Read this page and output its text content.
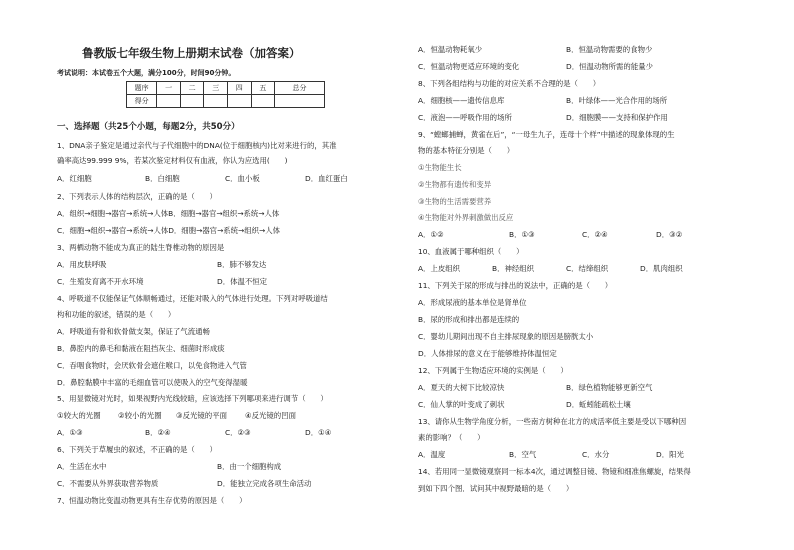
鲁教版七年级生物上册期末试卷（加答案）
考试说明：本试卷五个大题，满分100分，时间90分钟。
题序	一	二	三	四	五	总分
得分						
一、选择题（共25个小题，每题2分，共50分）
1、DNA亲子鉴定是通过亲代与子代细胞中的DNA(位于细胞核内)比对来进行的，其准
确率高达99.999 9%，若某次鉴定材料仅有血液，你认为应选用(　　)
A．红细胞	B．白细胞	C．血小板	D．血红蛋白
2、下列表示人体的结构层次，正确的是（　　）
A．组织→细胞→器官→系统→人体B．细胞→器官→组织→系统→人体
C．细胞→组织→器官→系统→人体D．细胞→器官→系统→组织→人体
3、两栖动物不能成为真正的陆生脊椎动物的原因是
A．用皮肤呼吸	B．肺不够发达
C．生殖发育离不开水环境	D．体温不恒定
4、呼吸道不仅能保证气体顺畅通过，还能对吸入的气体进行处理。下列对呼吸道结
构和功能的叙述，错误的是（　　）
A．呼吸道有骨和软骨做支架，保证了气流通畅
B．鼻腔内的鼻毛和黏液在阻挡灰尘、细菌时形成痰
C．吞咽食物时，会厌软骨会遮住喉口，以免食物进入气管
D．鼻腔黏膜中丰富的毛细血管可以使吸入的空气变得湿暖
5、用显微镜对光时，如果视野内光线较暗，应该选择下列哪项来进行调节（　　）
①较大的光圈 ②较小的光圈 ③反光镜的平面 ④反光镜的凹面
A．①③	B．②④	C．②③	D．①④
6、下列关于草履虫的叙述，不正确的是（　　）
A．生活在水中	B．由一个细胞构成
C．不需要从外界获取营养物质	D．能独立完成各项生命活动
7、恒温动物比变温动物更具有生存优势的原因是（　　）
A．恒温动物耗氧少	B．恒温动物需要的食物少
C．恒温动物更适应环境的变化	D．恒温动物所需的能量少
8、下列各组结构与功能的对应关系不合理的是（　　）
A．细胞核——遗传信息库	B．叶绿体——光合作用的场所
C．液泡——呼吸作用的场所	D．细胞膜——支持和保护作用
9、“螳螂捕蝉，黄雀在后”，“一母生九子，连母十个样”中描述的现象体现的生
物的基本特征分别是（　　）
①生物能生长
②生物都有遗传和变异
③生物的生活需要营养
④生物能对外界刺激做出反应
A．①②	B．①③	C．②④	D．③②
10、血液属于哪种组织（　　）
A．上皮组织	B．神经组织	C．结缔组织	D．肌肉组织
11、下列关于尿的形成与排出的说法中，正确的是（　　）
A．形成尿液的基本单位是肾单位
B．尿的形成和排出都是连续的
C．婴幼儿期间出现不自主排尿现象的原因是膀胱太小
D．人体排尿的意义在于能够维持体温恒定
12、下列属于生物适应环境的实例是（　　）
A．夏天的大树下比较凉快	B．绿色植物能够更新空气
C．仙人掌的叶变成了刺状	D．蚯蚓能疏松土壤
13、请你从生物学角度分析，一些南方树种在北方的成活率低主要是受以下哪种因
素的影响？（　　）
A．温度	B．空气	C．水分	D．阳光
14、若用同一显微镜观察同一标本4次，通过调整目镜、物镜和细准焦螺旋，结果得
到如下四个图．试问其中视野最暗的是（　　）
